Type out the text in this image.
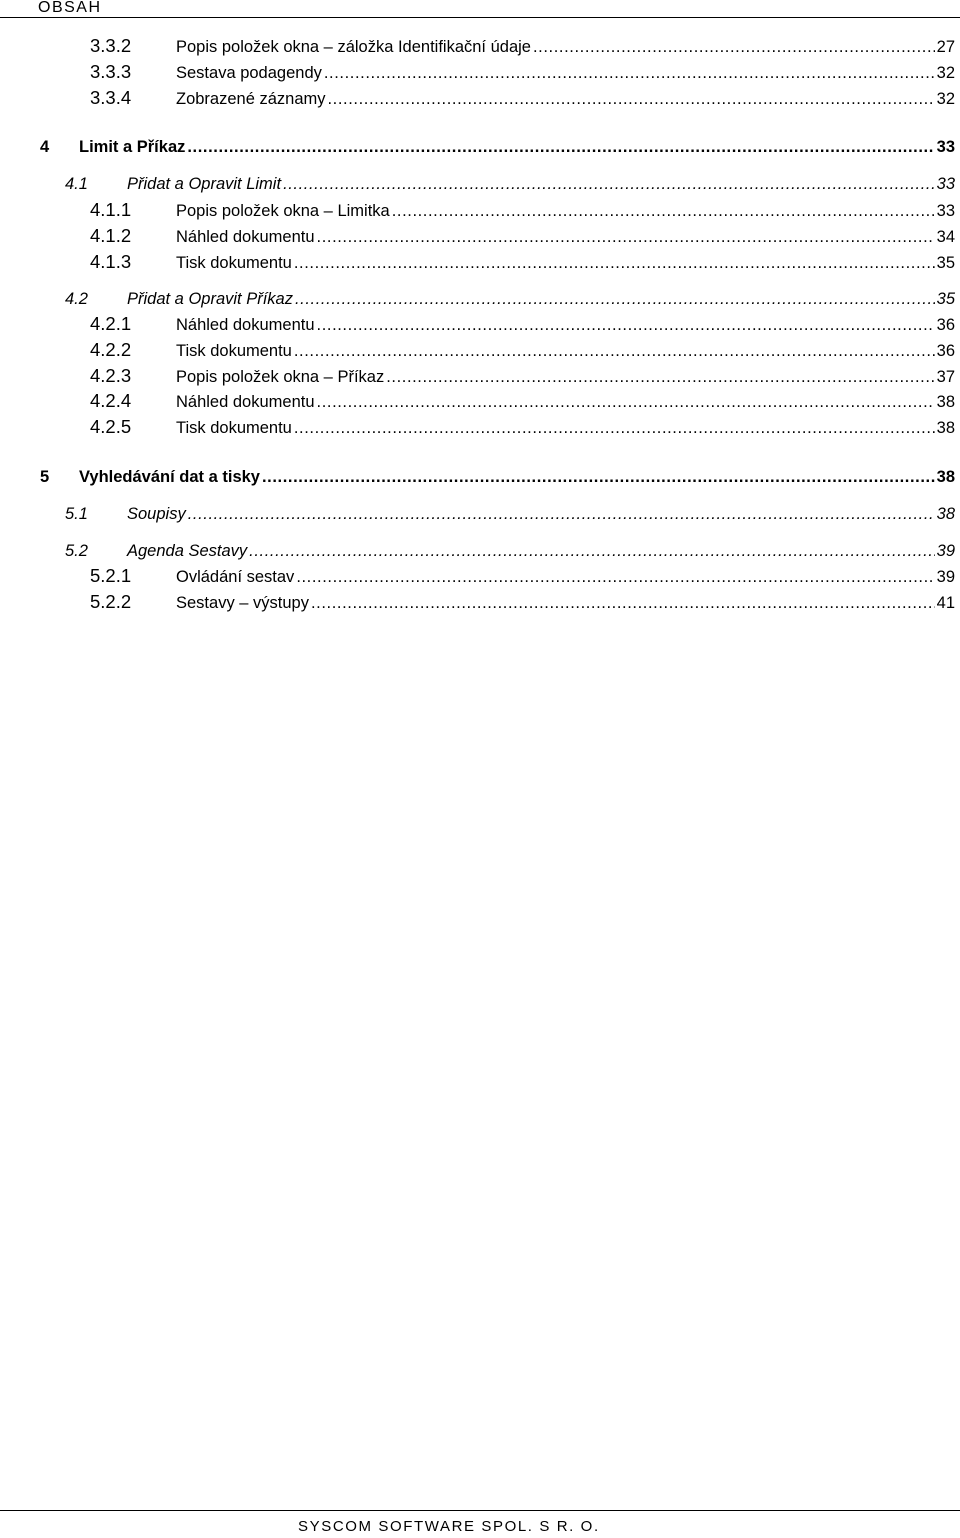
OBSAH
3.3.2	Popis položek okna – záložka Identifikační údaje .....	27
3.3.3	Sestava podagendy .....	32
3.3.4	Zobrazené záznamy .....	32
4	Limit a Příkaz .....	33
4.1	Přidat a Opravit Limit .....	33
4.1.1	Popis položek okna – Limitka .....	33
4.1.2	Náhled dokumentu .....	34
4.1.3	Tisk dokumentu .....	35
4.2	Přidat a Opravit Příkaz .....	35
4.2.1	Náhled dokumentu .....	36
4.2.2	Tisk dokumentu .....	36
4.2.3	Popis položek okna – Příkaz .....	37
4.2.4	Náhled dokumentu .....	38
4.2.5	Tisk dokumentu .....	38
5	Vyhledávání dat a tisky .....	38
5.1	Soupisy .....	38
5.2	Agenda Sestavy .....	39
5.2.1	Ovládání sestav .....	39
5.2.2	Sestavy – výstupy .....	41
SYSCOM SOFTWARE SPOL. S R. O.
